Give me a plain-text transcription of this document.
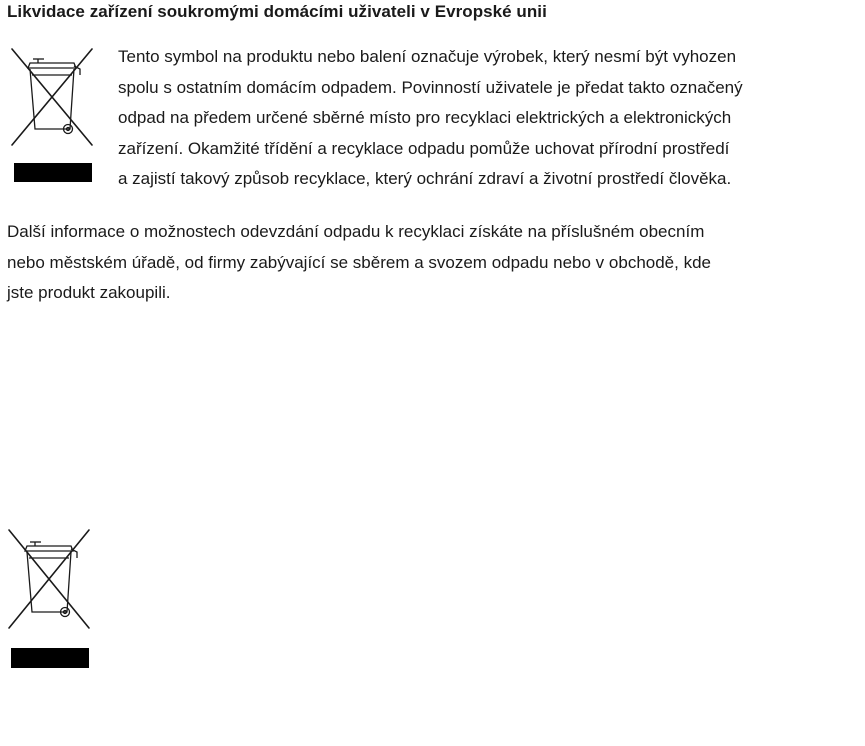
Likvidace zařízení soukromými domácími uživateli v Evropské unii
Tento symbol na produktu nebo balení označuje výrobek, který nesmí být vyhozen
spolu s ostatním domácím odpadem. Povinností uživatele je předat takto označený
odpad na předem určené sběrné místo pro recyklaci elektrických a elektronických
zařízení. Okamžité třídění a recyklace odpadu pomůže uchovat přírodní prostředí
a zajistí takový způsob recyklace, který ochrání zdraví a životní prostředí člověka.
Další informace o možnostech odevzdání odpadu k recyklaci získáte na příslušném obecním
nebo městském úřadě, od firmy zabývající se sběrem a svozem odpadu nebo v obchodě, kde
jste produkt zakoupili.
